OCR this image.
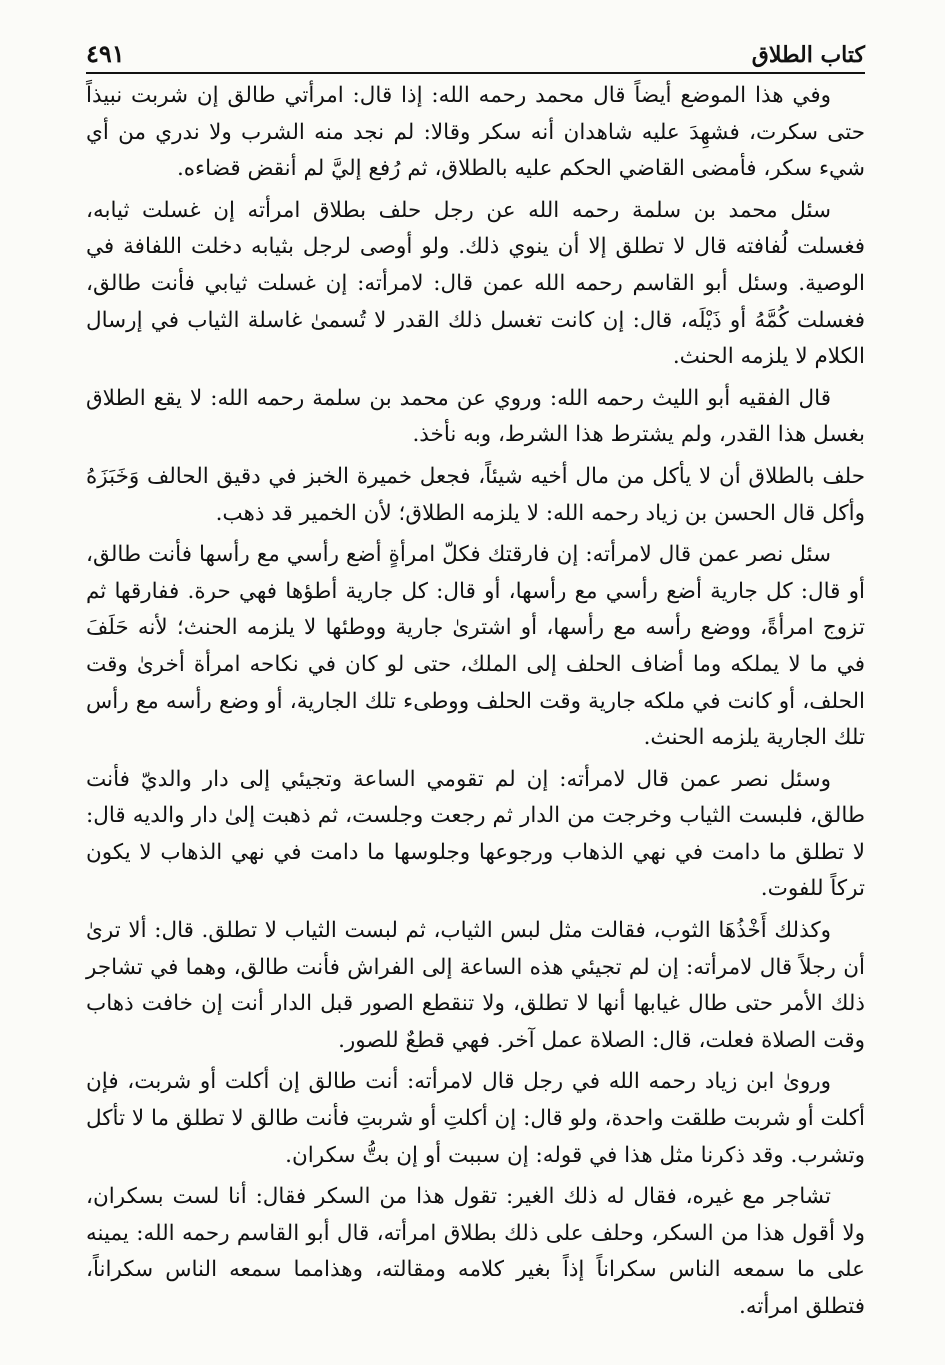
كتاب الطلاق
٤٩١

وفي هذا الموضع أيضاً قال محمد رحمه الله: إذا قال: امرأتي طالق إن شربت نبيذاً حتى سكرت، فشهِدَ عليه شاهدان أنه سكر وقالا: لم نجد منه الشرب ولا ندري من أي شيء سكر، فأمضى القاضي الحكم عليه بالطلاق، ثم رُفع إليَّ لم أنقض قضاءه.

سئل محمد بن سلمة رحمه الله عن رجل حلف بطلاق امرأته إن غسلت ثيابه، فغسلت لُفافته قال لا تطلق إلا أن ينوي ذلك. ولو أوصى لرجل بثيابه دخلت اللفافة في الوصية. وسئل أبو القاسم رحمه الله عمن قال: لامرأته: إن غسلت ثيابي فأنت طالق، فغسلت كُمَّهُ أو ذَيْلَه، قال: إن كانت تغسل ذلك القدر لا تُسمىٰ غاسلة الثياب في إرسال الكلام لا يلزمه الحنث.

قال الفقيه أبو الليث رحمه الله: وروي عن محمد بن سلمة رحمه الله: لا يقع الطلاق بغسل هذا القدر، ولم يشترط هذا الشرط، وبه نأخذ.

حلف بالطلاق أن لا يأكل من مال أخيه شيئاً، فجعل خميرة الخبز في دقيق الحالف وَخَبَزَهُ وأكل قال الحسن بن زياد رحمه الله: لا يلزمه الطلاق؛ لأن الخمير قد ذهب.

سئل نصر عمن قال لامرأته: إن فارقتك فكلّ امرأةٍ أضع رأسي مع رأسها فأنت طالق، أو قال: كل جارية أضع رأسي مع رأسها، أو قال: كل جارية أطؤها فهي حرة. ففارقها ثم تزوج امرأةً، ووضع رأسه مع رأسها، أو اشترىٰ جارية ووطئها لا يلزمه الحنث؛ لأنه حَلَفَ في ما لا يملكه وما أضاف الحلف إلى الملك، حتى لو كان في نكاحه امرأة أخرىٰ وقت الحلف، أو كانت في ملكه جارية وقت الحلف ووطىء تلك الجارية، أو وضع رأسه مع رأس تلك الجارية يلزمه الحنث.

وسئل نصر عمن قال لامرأته: إن لم تقومي الساعة وتجيئي إلى دار والديّ فأنت طالق، فلبست الثياب وخرجت من الدار ثم رجعت وجلست، ثم ذهبت إلىٰ دار والديه قال: لا تطلق ما دامت في نهي الذهاب ورجوعها وجلوسها ما دامت في نهي الذهاب لا يكون تركاً للفوت.

وكذلك أَخْذُهَا الثوب، فقالت مثل لبس الثياب، ثم لبست الثياب لا تطلق. قال: ألا ترىٰ أن رجلاً قال لامرأته: إن لم تجيئي هذه الساعة إلى الفراش فأنت طالق، وهما في تشاجر ذلك الأمر حتى طال غيابها أنها لا تطلق، ولا تنقطع الصور قبل الدار أنت إن خافت ذهاب وقت الصلاة فعلت، قال: الصلاة عمل آخر. فهي قطعٌ للصور.

ورویٰ ابن زياد رحمه الله في رجل قال لامرأته: أنت طالق إن أكلت أو شربت، فإن أكلت أو شربت طلقت واحدة، ولو قال: إن أكلتِ أو شربتِ فأنت طالق لا تطلق ما لا تأكل وتشرب. وقد ذكرنا مثل هذا في قوله: إن سببت أو إن بتُّ سكران.

تشاجر مع غيره، فقال له ذلك الغير: تقول هذا من السكر فقال: أنا لست بسكران، ولا أقول هذا من السكر، وحلف على ذلك بطلاق امرأته، قال أبو القاسم رحمه الله: يمينه على ما سمعه الناس سكراناً إذاً بغير كلامه ومقالته، وهذامما سمعه الناس سكراناً، فتطلق امرأته.
